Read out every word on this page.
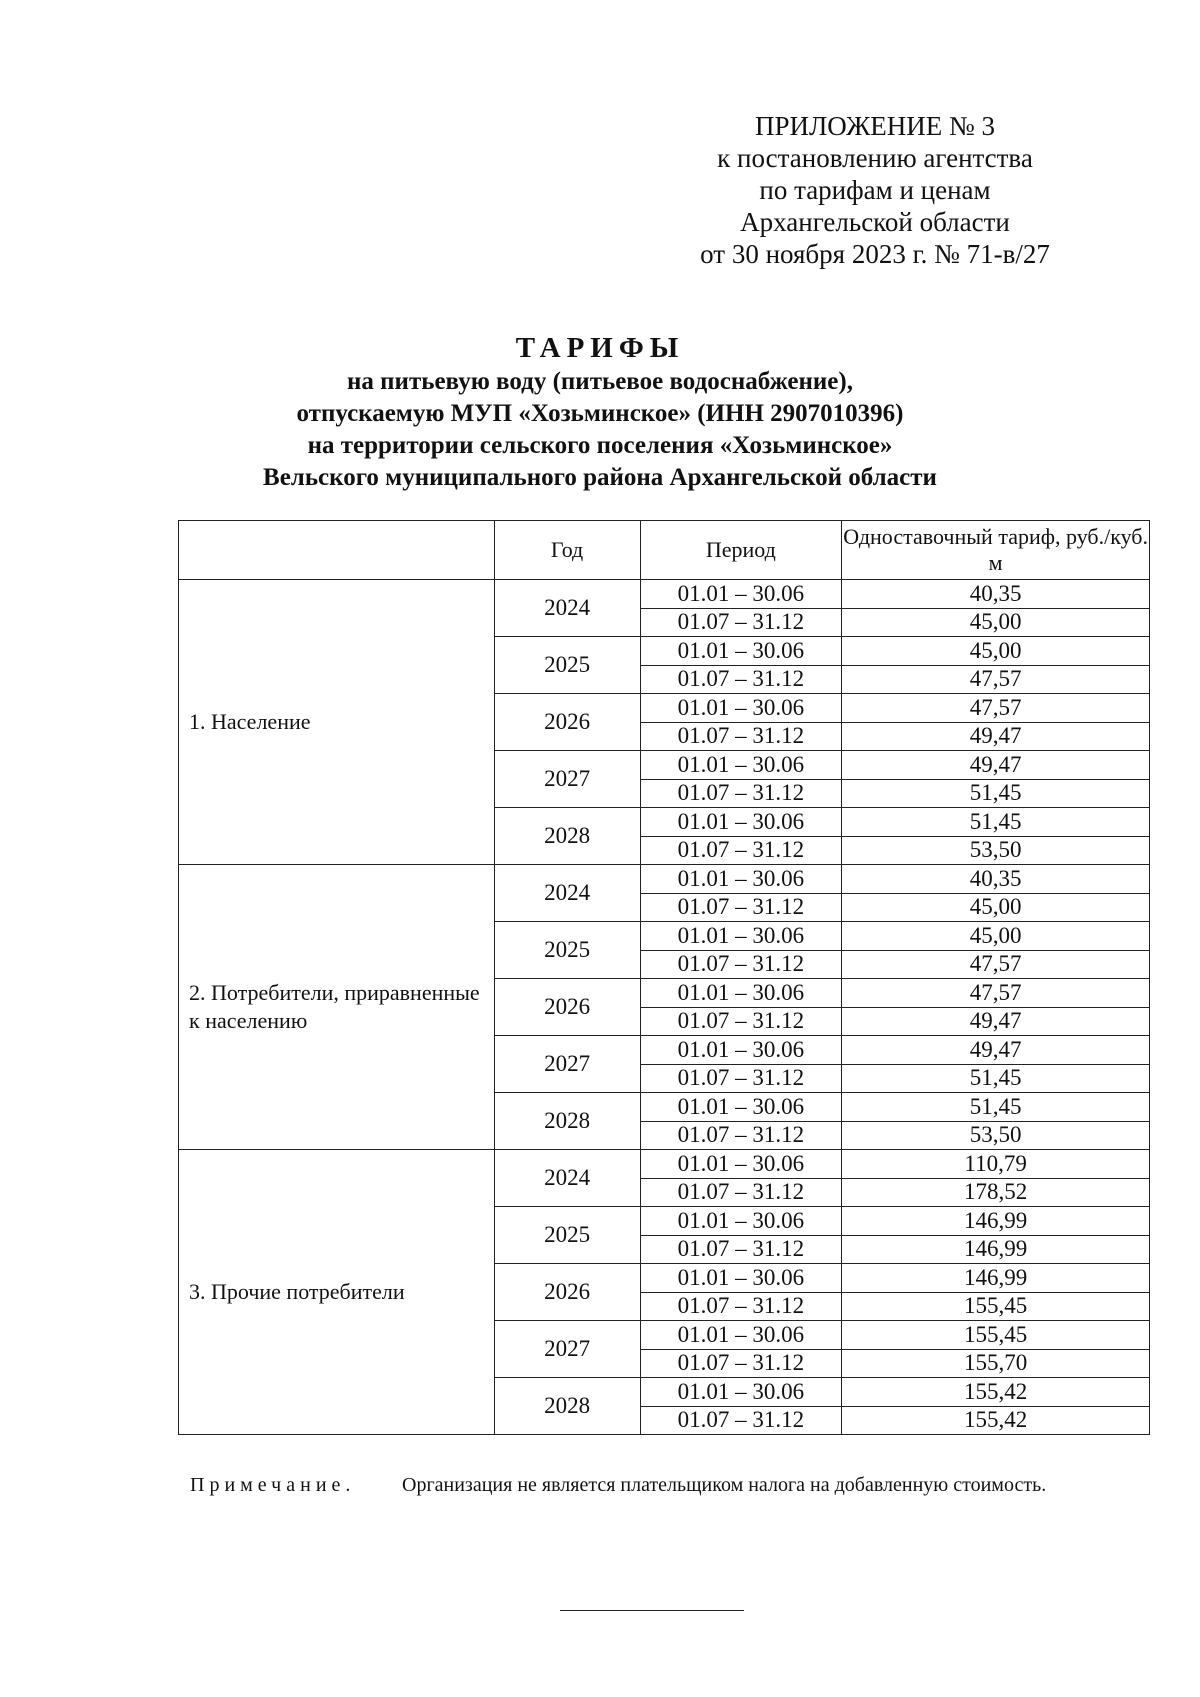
ПРИЛОЖЕНИЕ № 3
к постановлению агентства
по тарифам и ценам
Архангельской области
от 30 ноября 2023 г. № 71-в/27
ТАРИФЫ
на питьевую воду (питьевое водоснабжение),
отпускаемую МУП «Хозьминское» (ИНН 2907010396)
на территории сельского поселения «Хозьминское»
Вельского муниципального района Архангельской области
	Год	Период	Одноставочный тариф, руб./куб. м
1. Население	2024	01.01 – 30.06	40,35
		01.07 – 31.12	45,00
	2025	01.01 – 30.06	45,00
		01.07 – 31.12	47,57
	2026	01.01 – 30.06	47,57
		01.07 – 31.12	49,47
	2027	01.01 – 30.06	49,47
		01.07 – 31.12	51,45
	2028	01.01 – 30.06	51,45
		01.07 – 31.12	53,50
2. Потребители, приравненные к населению	2024	01.01 – 30.06	40,35
		01.07 – 31.12	45,00
	2025	01.01 – 30.06	45,00
		01.07 – 31.12	47,57
	2026	01.01 – 30.06	47,57
		01.07 – 31.12	49,47
	2027	01.01 – 30.06	49,47
		01.07 – 31.12	51,45
	2028	01.01 – 30.06	51,45
		01.07 – 31.12	53,50
3. Прочие потребители	2024	01.01 – 30.06	110,79
		01.07 – 31.12	178,52
	2025	01.01 – 30.06	146,99
		01.07 – 31.12	146,99
	2026	01.01 – 30.06	146,99
		01.07 – 31.12	155,45
	2027	01.01 – 30.06	155,45
		01.07 – 31.12	155,70
	2028	01.01 – 30.06	155,42
		01.07 – 31.12	155,42
Примечание. Организация не является плательщиком налога на добавленную стоимость.
